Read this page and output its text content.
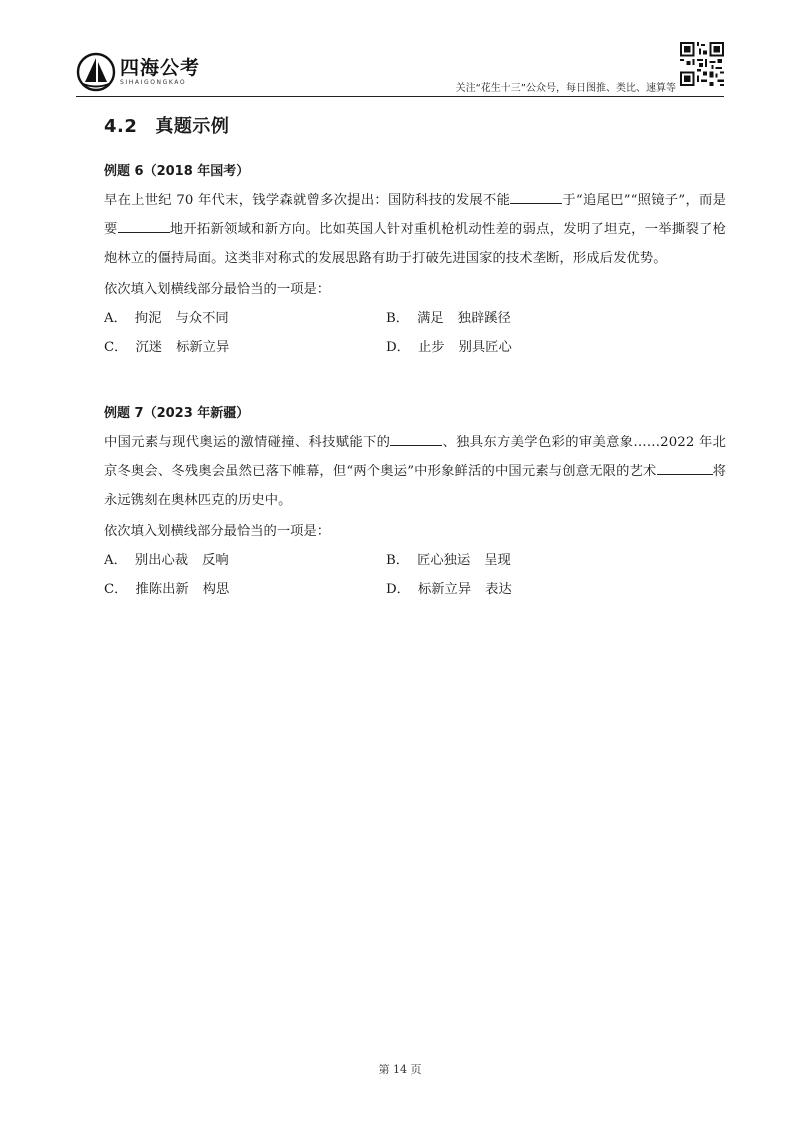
四海公考
SIHAIGONGKAO
关注“花生十三”公众号，每日图推、类比、速算等
4.2 真题示例
例题 6（2018 年国考）
早在上世纪 70 年代末，钱学森就曾多次提出：国防科技的发展不能	于“追尾巴”“照镜子”，而是要	地开拓新领域和新方向。比如英国人针对重机枪机动性差的弱点，发明了坦克，一举撕裂了枪炮林立的僵持局面。这类非对称式的发展思路有助于打破先进国家的技术垄断，形成后发优势。
依次填入划横线部分最恰当的一项是：
A． 拘泥 与众不同	B． 满足 独辟蹊径
C． 沉迷 标新立异	D． 止步 别具匠心
例题 7（2023 年新疆）
中国元素与现代奥运的激情碰撞、科技赋能下的	、独具东方美学色彩的审美意象……2022 年北京冬奥会、冬残奥会虽然已落下帷幕，但“两个奥运”中形象鲜活的中国元素与创意无限的艺术	将永远镌刻在奥林匹克的历史中。
依次填入划横线部分最恰当的一项是：
A． 别出心裁 反响	B． 匠心独运 呈现
C． 推陈出新 构思	D． 标新立异 表达
第 14 页
